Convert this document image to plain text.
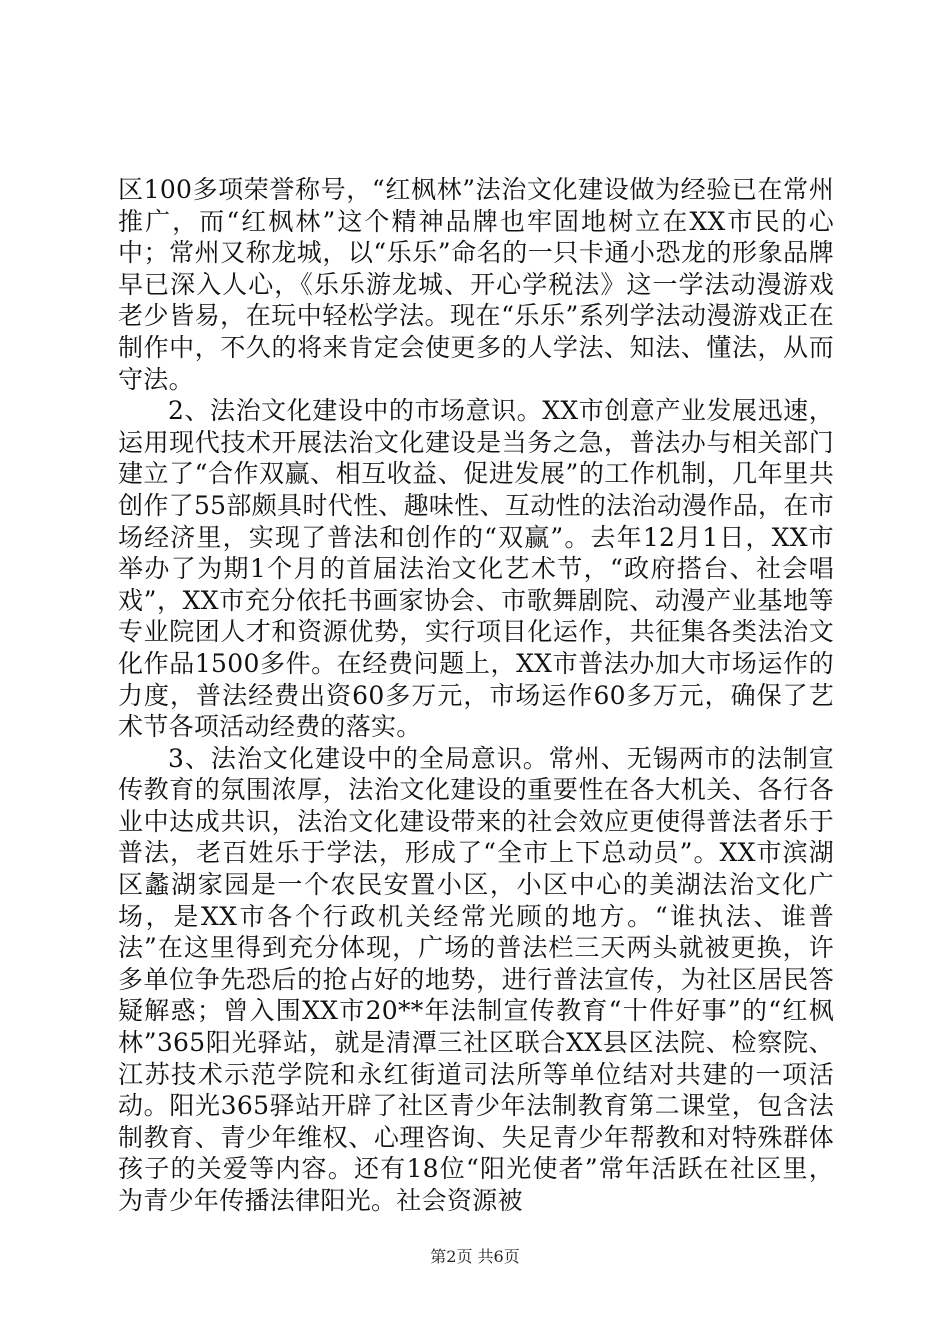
区100多项荣誉称号，“红枫林”法治文化建设做为经验已在常州推广，而“红枫林”这个精神品牌也牢固地树立在XX市民的心中；常州又称龙城，以“乐乐”命名的一只卡通小恐龙的形象品牌早已深入人心，《乐乐游龙城、开心学税法》这一学法动漫游戏老少皆易，在玩中轻松学法。现在“乐乐”系列学法动漫游戏正在制作中，不久的将来肯定会使更多的人学法、知法、懂法，从而守法。

2、法治文化建设中的市场意识。XX市创意产业发展迅速，运用现代技术开展法治文化建设是当务之急，普法办与相关部门建立了“合作双赢、相互收益、促进发展”的工作机制，几年里共创作了55部颇具时代性、趣味性、互动性的法治动漫作品，在市场经济里，实现了普法和创作的“双赢”。去年12月1日，XX市举办了为期1个月的首届法治文化艺术节，“政府搭台、社会唱戏”，XX市充分依托书画家协会、市歌舞剧院、动漫产业基地等专业院团人才和资源优势，实行项目化运作，共征集各类法治文化作品1500多件。在经费问题上，XX市普法办加大市场运作的力度，普法经费出资60多万元，市场运作60多万元，确保了艺术节各项活动经费的落实。

3、法治文化建设中的全局意识。常州、无锡两市的法制宣传教育的氛围浓厚，法治文化建设的重要性在各大机关、各行各业中达成共识，法治文化建设带来的社会效应更使得普法者乐于普法，老百姓乐于学法，形成了“全市上下总动员”。XX市滨湖区蠡湖家园是一个农民安置小区，小区中心的美湖法治文化广场，是XX市各个行政机关经常光顾的地方。“谁执法、谁普法”在这里得到充分体现，广场的普法栏三天两头就被更换，许多单位争先恐后的抢占好的地势，进行普法宣传，为社区居民答疑解惑；曾入围XX市20**年法制宣传教育“十件好事”的“红枫林”365阳光驿站，就是清潭三社区联合XX县区法院、检察院、江苏技术示范学院和永红街道司法所等单位结对共建的一项活动。阳光365驿站开辟了社区青少年法制教育第二课堂，包含法制教育、青少年维权、心理咨询、失足青少年帮教和对特殊群体孩子的关爱等内容。还有18位“阳光使者”常年活跃在社区里，为青少年传播法律阳光。社会资源被

第2页 共6页
